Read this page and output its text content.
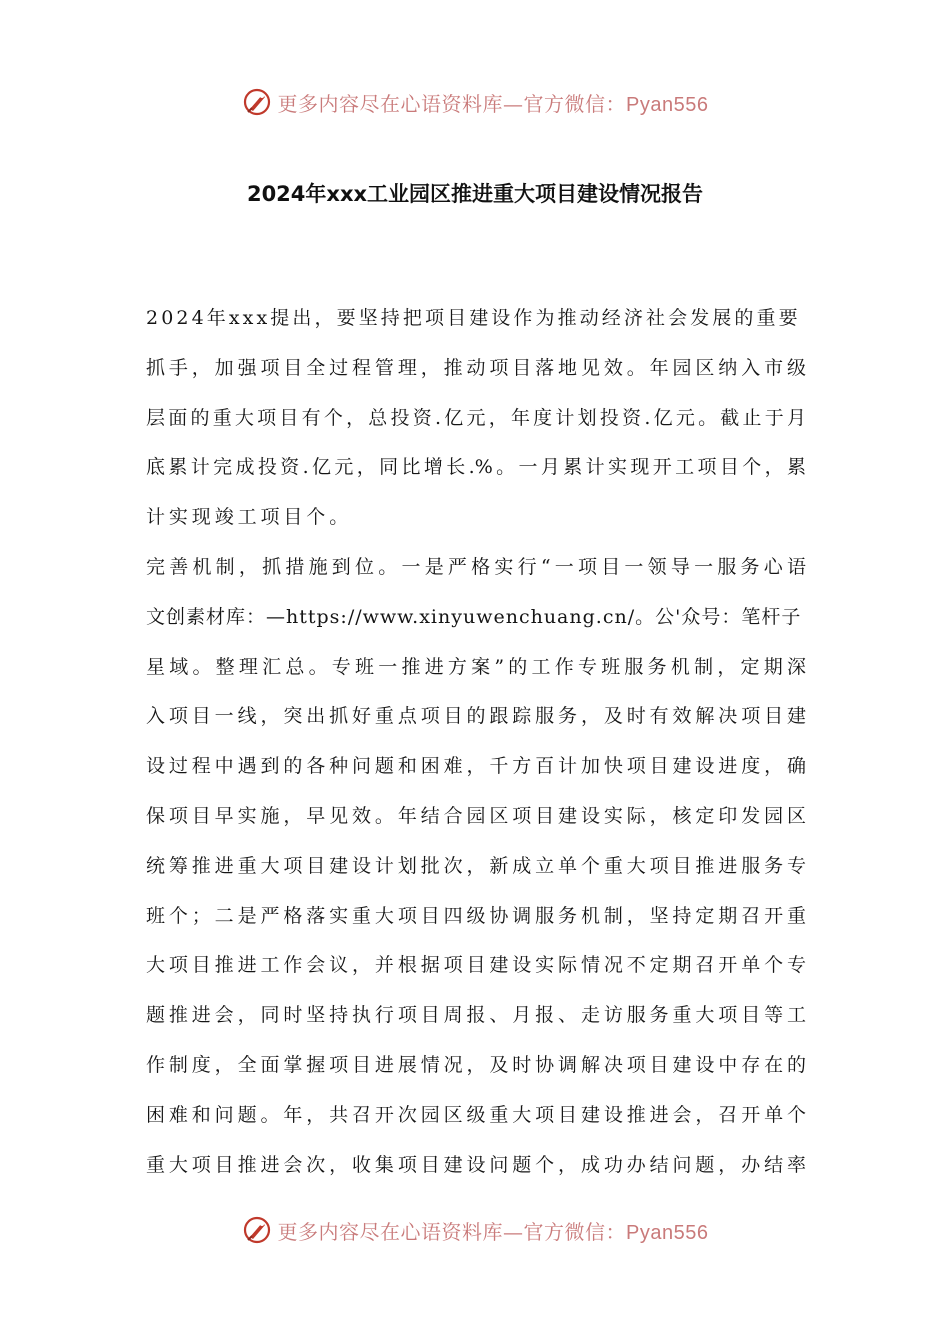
更多内容尽在心语资料库—官方微信：Pyan556
2024年xxx工业园区推进重大项目建设情况报告
2024年xxx提出，要坚持把项目建设作为推动经济社会发展的重要
抓手，加强项目全过程管理，推动项目落地见效。年园区纳入市级
层面的重大项目有个，总投资.亿元，年度计划投资.亿元。截止于月
底累计完成投资.亿元，同比增长.%。一月累计实现开工项目个，累
计实现竣工项目个。
完善机制，抓措施到位。一是严格实行“一项目一领导一服务心语
文创素材库：—https://www.xinyuwenchuang.cn/。公'众号：笔杆子
星域。整理汇总。专班一推进方案”的工作专班服务机制，定期深
入项目一线，突出抓好重点项目的跟踪服务，及时有效解决项目建
设过程中遇到的各种问题和困难，千方百计加快项目建设进度，确
保项目早实施，早见效。年结合园区项目建设实际，核定印发园区
统筹推进重大项目建设计划批次，新成立单个重大项目推进服务专
班个；二是严格落实重大项目四级协调服务机制，坚持定期召开重
大项目推进工作会议，并根据项目建设实际情况不定期召开单个专
题推进会，同时坚持执行项目周报、月报、走访服务重大项目等工
作制度，全面掌握项目进展情况，及时协调解决项目建设中存在的
困难和问题。年，共召开次园区级重大项目建设推进会，召开单个
重大项目推进会次，收集项目建设问题个，成功办结问题，办结率
更多内容尽在心语资料库—官方微信：Pyan556
